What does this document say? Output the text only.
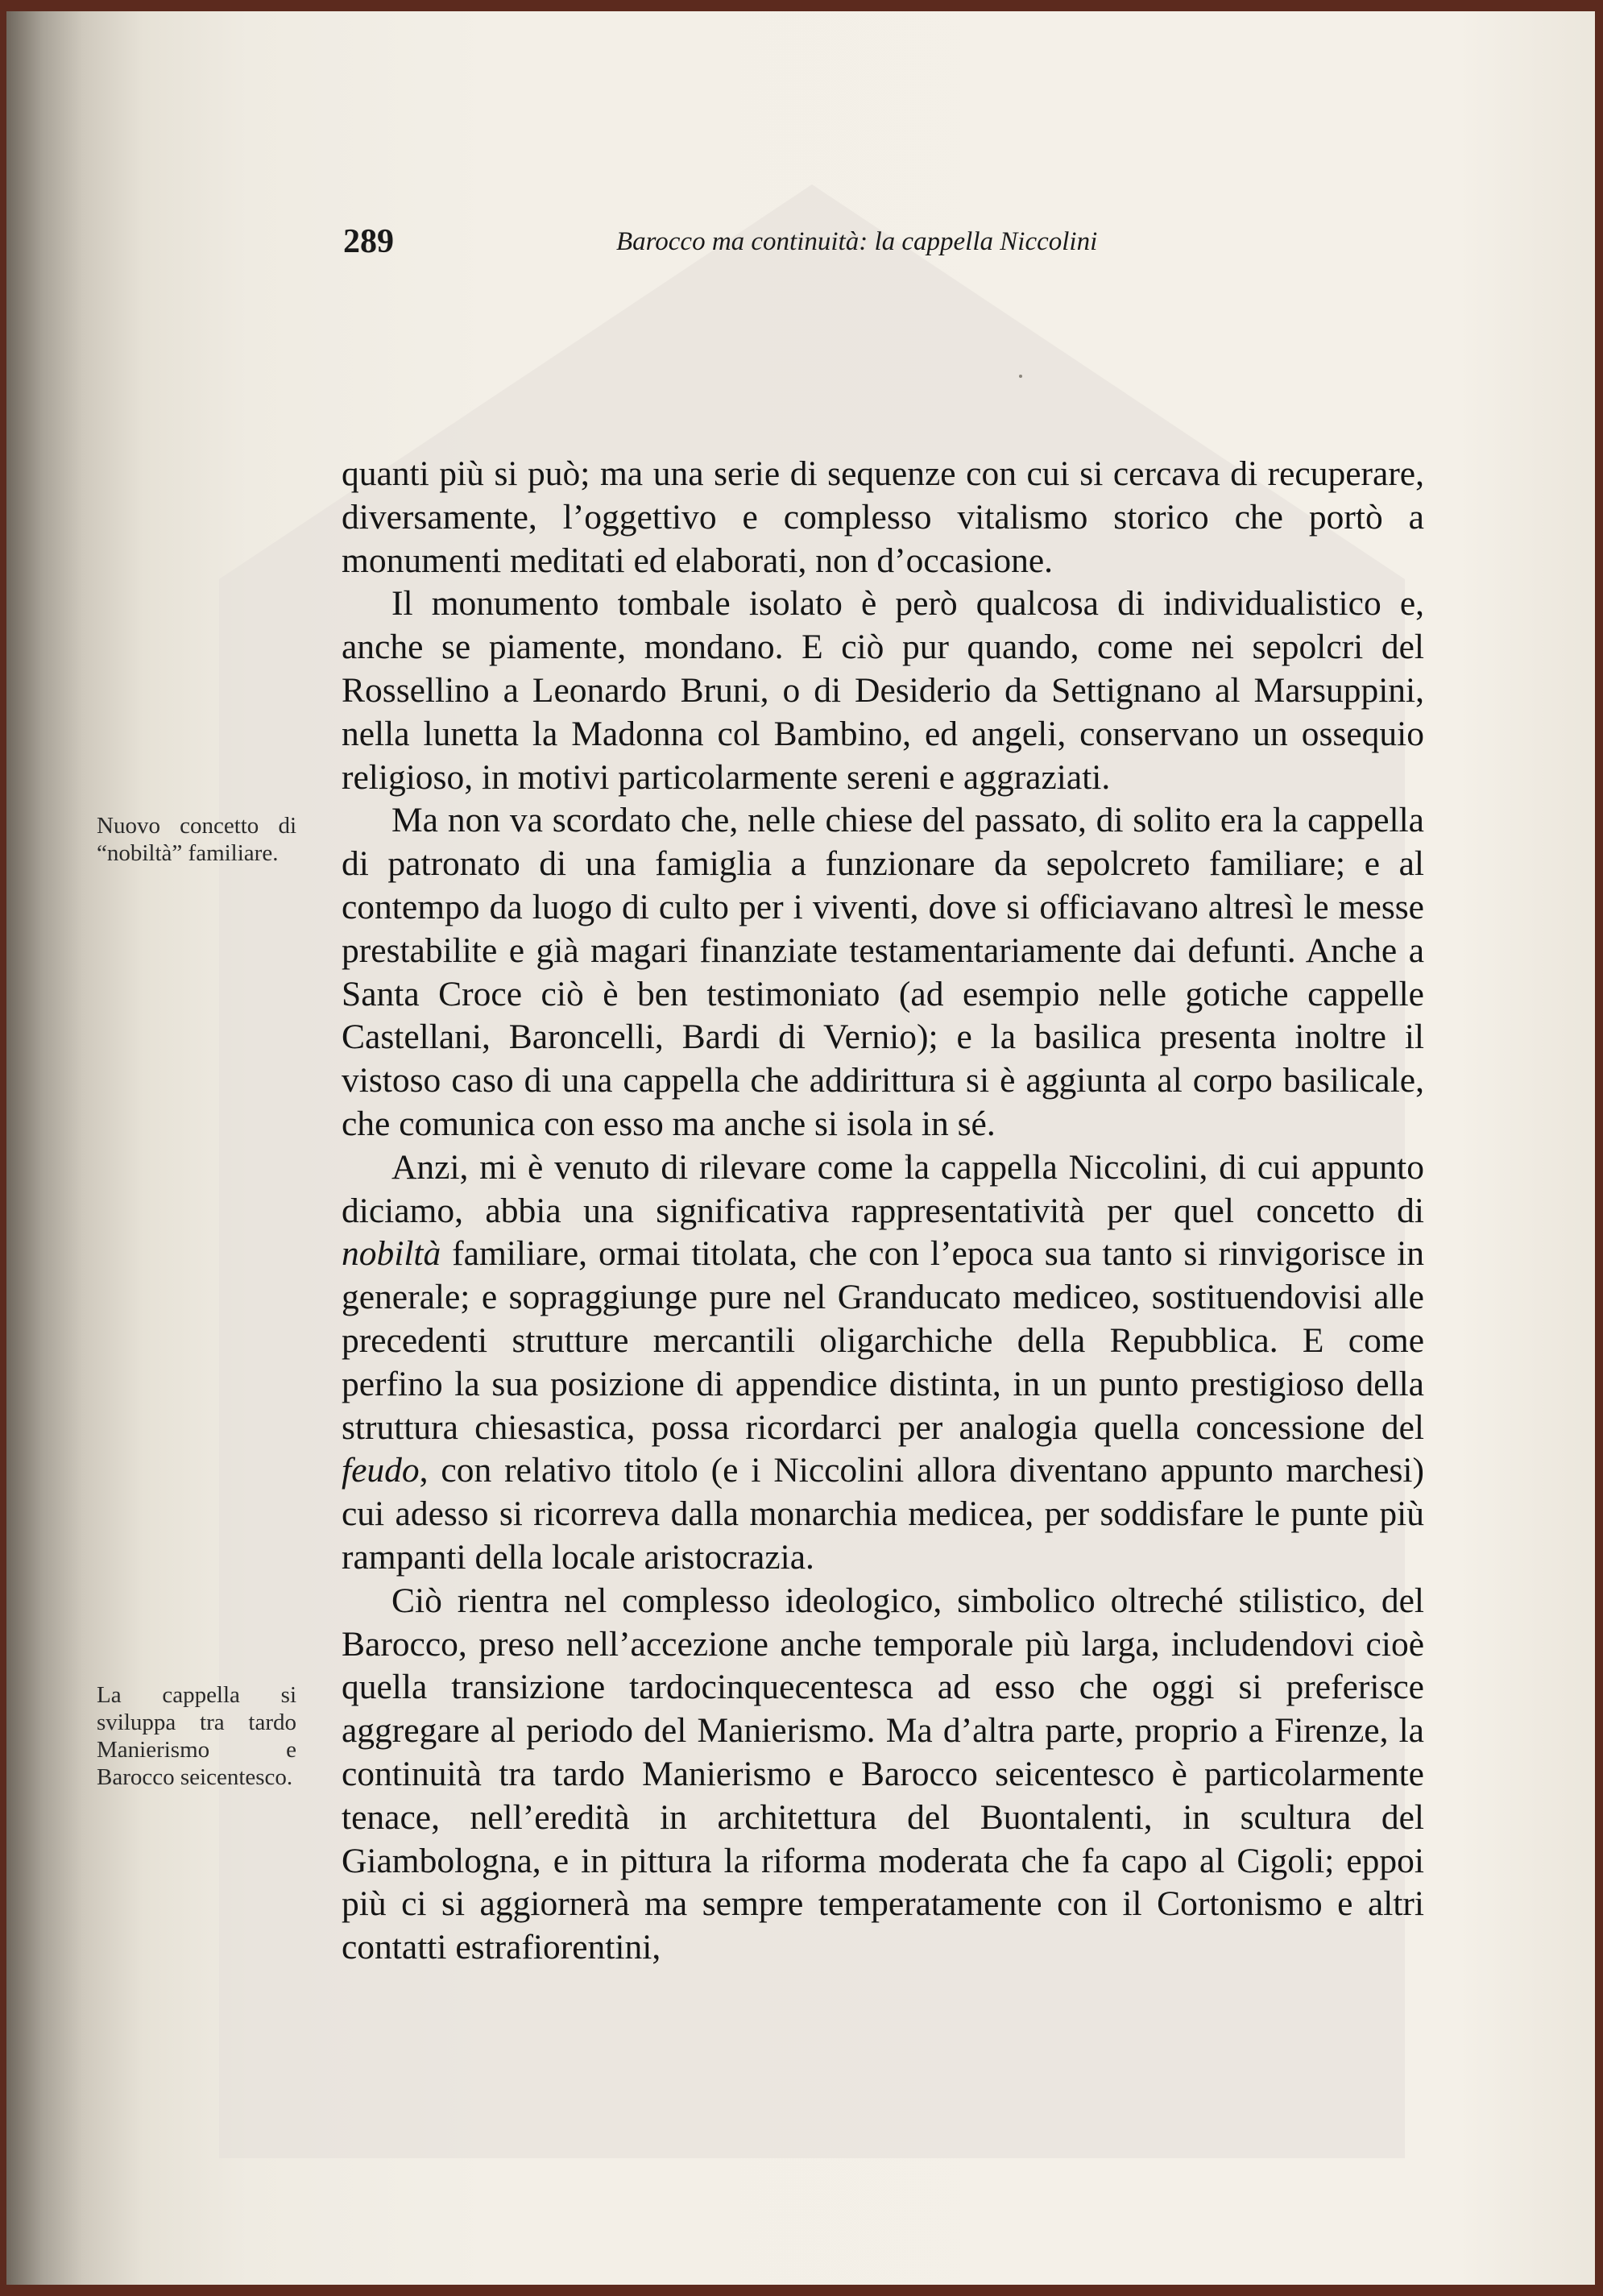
289	Barocco ma continuità: la cappella Niccolini
Nuovo concetto di “nobiltà” familiare.
La cappella si sviluppa tra tardo Manierismo e Barocco seicentesco.

quanti più si può; ma una serie di sequenze con cui si cercava di recuperare, diversamente, l’oggettivo e complesso vitalismo storico che portò a monumenti meditati ed elaborati, non d’occasione.

Il monumento tombale isolato è però qualcosa di individualistico e, anche se piamente, mondano. E ciò pur quando, come nei sepolcri del Rossellino a Leonardo Bruni, o di Desiderio da Settignano al Marsuppini, nella lunetta la Madonna col Bambino, ed angeli, conservano un ossequio religioso, in motivi particolarmente sereni e aggraziati.

Ma non va scordato che, nelle chiese del passato, di solito era la cappella di patronato di una famiglia a funzionare da sepolcreto familiare; e al contempo da luogo di culto per i viventi, dove si officiavano altresì le messe prestabilite e già magari finanziate testamentariamente dai defunti. Anche a Santa Croce ciò è ben testimoniato (ad esempio nelle gotiche cappelle Castellani, Baroncelli, Bardi di Vernio); e la basilica presenta inoltre il vistoso caso di una cappella che addirittura si è aggiunta al corpo basilicale, che comunica con esso ma anche si isola in sé.

Anzi, mi è venuto di rilevare come la cappella Niccolini, di cui appunto diciamo, abbia una significativa rappresentatività per quel concetto di nobiltà familiare, ormai titolata, che con l’epoca sua tanto si rinvigorisce in generale; e sopraggiunge pure nel Granducato mediceo, sostituendovisi alle precedenti strutture mercantili oligarchiche della Repubblica. E come perfino la sua posizione di appendice distinta, in un punto prestigioso della struttura chiesastica, possa ricordarci per analogia quella concessione del feudo, con relativo titolo (e i Niccolini allora diventano appunto marchesi) cui adesso si ricorreva dalla monarchia medicea, per soddisfare le punte più rampanti della locale aristocrazia.

Ciò rientra nel complesso ideologico, simbolico oltreché stilistico, del Barocco, preso nell’accezione anche temporale più larga, includendovi cioè quella transizione tardocinquecentesca ad esso che oggi si preferisce aggregare al periodo del Manierismo. Ma d’altra parte, proprio a Firenze, la continuità tra tardo Manierismo e Barocco seicentesco è particolarmente tenace, nell’eredità in architettura del Buontalenti, in scultura del Giambologna, e in pittura la riforma moderata che fa capo al Cigoli; eppoi più ci si aggiornerà ma sempre temperatamente con il Cortonismo e altri contatti estrafiorentini,
